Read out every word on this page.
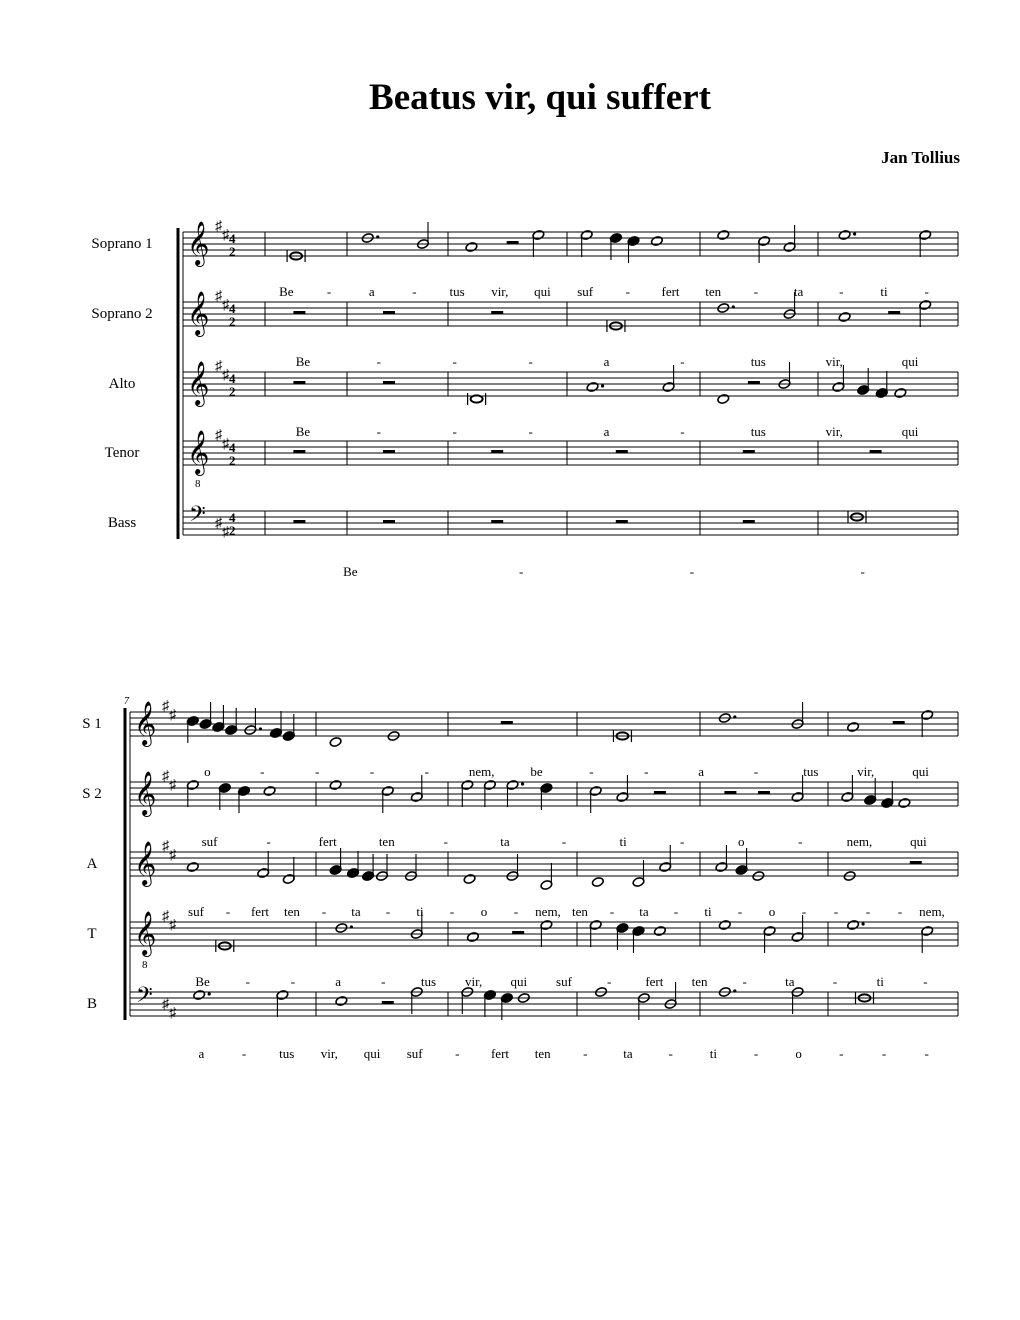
Beatus vir, qui suffert
Jan Tollius
Soprano 1 𝄞 ♯
♯ 4
2
Be	-	a	-	tus vir, qui suf	- fert ten	-	ta	-	ti	-
Soprano 2 𝄞 ♯
♯ 4
2
Be	-	-	-	a	-	tus	vir,	qui
Alto 𝄞 ♯
♯ 4
2
Be	-	-	-	a	-	tus	vir,	qui
Tenor 𝄞
8
♯
♯ 4
2
Bass 𝄢 ♯
♯
4
2
Be	-	-	-
7
S 1 𝄞 ♯
♯
o	-	-	-	-	nem,	be	-	-	a	-	tus	vir,	qui
S 2 𝄞 ♯
♯
suf	-	fert	ten	-	ta	-	ti	-	o	-	nem,	qui
A 𝄞 ♯
♯
suf - fert ten - ta - ti - o - nem, ten - ta - ti - o - - - - nem,
T 𝄞
8
♯
♯
Be	-	-	a	-	tus vir, qui suf	-	fert ten	-	ta	-	ti	-
B 𝄢 ♯
♯
a	-	tus vir, qui suf	- fert ten	-	ta	-	ti	-	o	-	-	-
